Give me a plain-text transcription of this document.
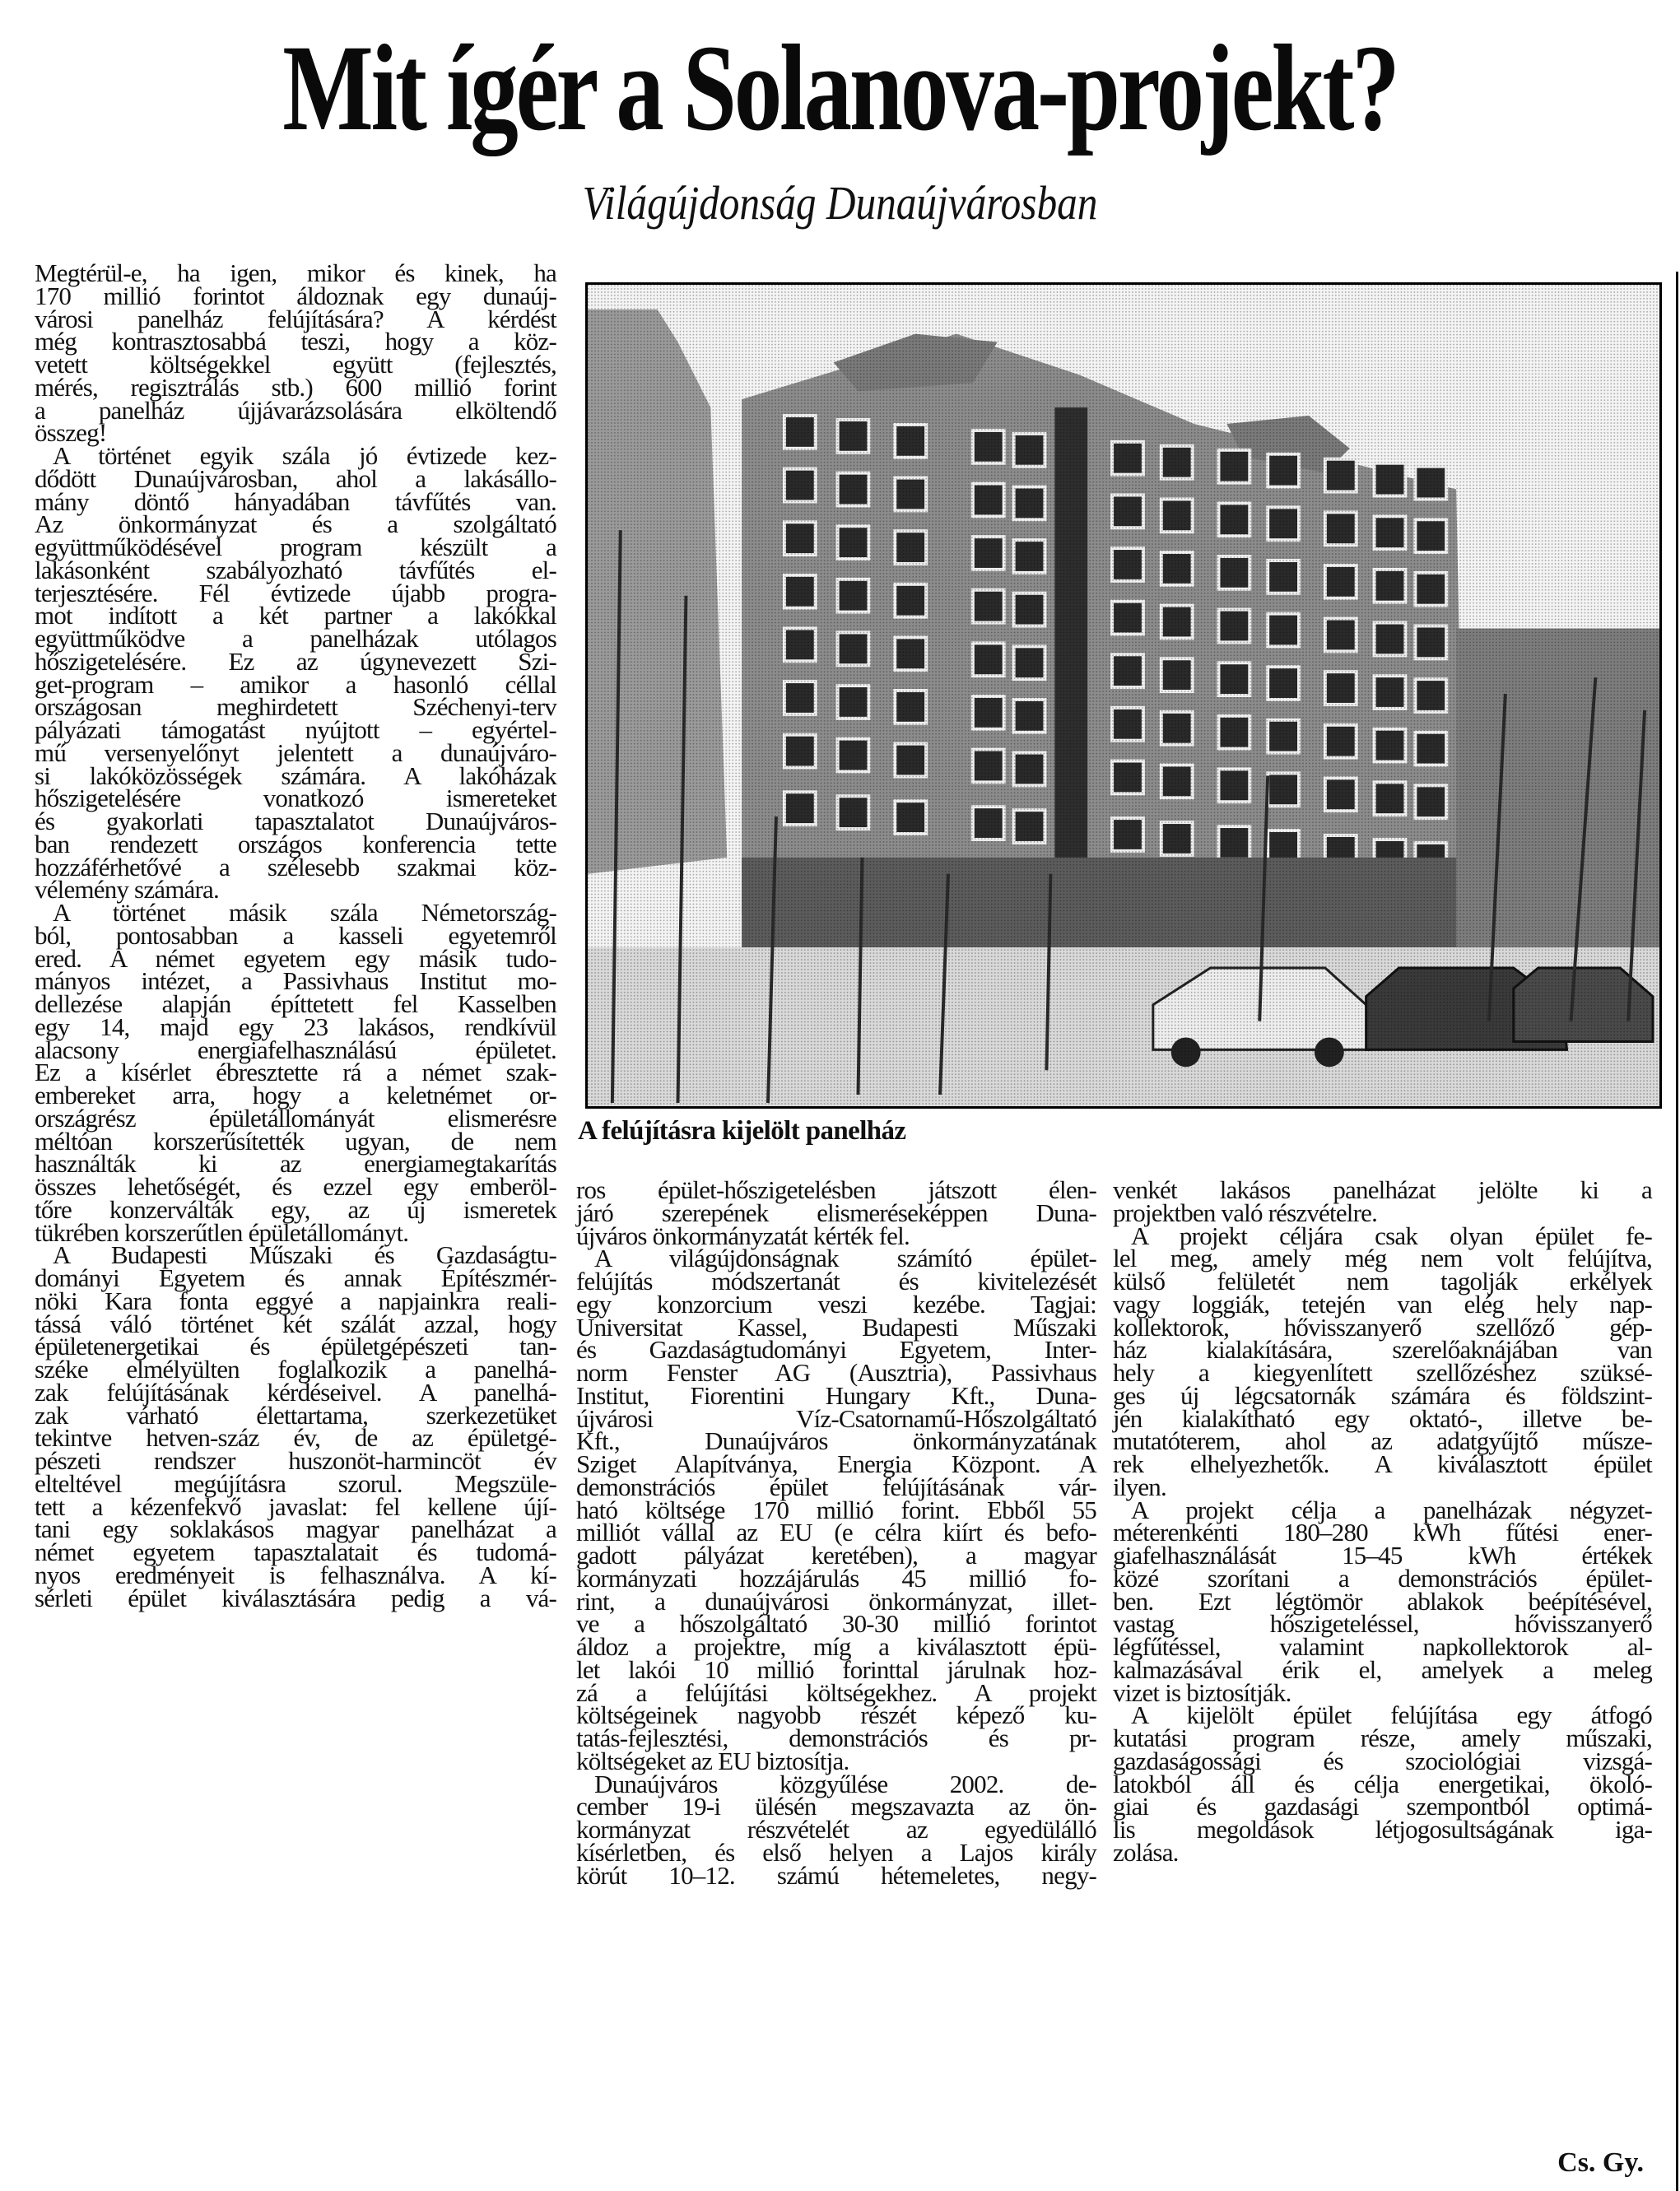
Mit ígér a Solanova-projekt?
Világújdonság Dunaújvárosban
Megtérül-e, ha igen, mikor és kinek, ha
170 millió forintot áldoznak egy dunaúj-
városi panelház felújítására? A kérdést
még kontrasztosabbá teszi, hogy a köz-
vetett költségekkel együtt (fejlesztés,
mérés, regisztrálás stb.) 600 millió forint
a panelház újjávarázsolására elköltendő
összeg!
A történet egyik szála jó évtizede kez-
dődött Dunaújvárosban, ahol a lakásállo-
mány döntő hányadában távfűtés van.
Az önkormányzat és a szolgáltató
együttműködésével program készült a
lakásonként szabályozható távfűtés el-
terjesztésére. Fél évtizede újabb progra-
mot indított a két partner a lakókkal
együttműködve a panelházak utólagos
hőszigetelésére. Ez az úgynevezett Szi-
get-program – amikor a hasonló céllal
országosan meghirdetett Széchenyi-terv
pályázati támogatást nyújtott – egyértel-
mű versenyelőnyt jelentett a dunaújváro-
si lakóközösségek számára. A lakóházak
hőszigetelésére vonatkozó ismereteket
és gyakorlati tapasztalatot Dunaújváros-
ban rendezett országos konferencia tette
hozzáférhetővé a szélesebb szakmai köz-
vélemény számára.
A történet másik szála Németország-
ból, pontosabban a kasseli egyetemről
ered. A német egyetem egy másik tudo-
mányos intézet, a Passivhaus Institut mo-
dellezése alapján építtetett fel Kasselben
egy 14, majd egy 23 lakásos, rendkívül
alacsony energiafelhasználású épületet.
Ez a kísérlet ébresztette rá a német szak-
embereket arra, hogy a keletnémet or-
országrész épületállományát elismerésre
méltóan korszerűsítették ugyan, de nem
használták ki az energiamegtakarítás
összes lehetőségét, és ezzel egy emberöl-
tőre konzerválták egy, az új ismeretek
tükrében korszerűtlen épületállományt.
A Budapesti Műszaki és Gazdaságtu-
dományi Egyetem és annak Építészmér-
nöki Kara fonta eggyé a napjainkra reali-
tássá váló történet két szálát azzal, hogy
épületenergetikai és épületgépészeti tan-
széke elmélyülten foglalkozik a panelhá-
zak felújításának kérdéseivel. A panelhá-
zak várható élettartama, szerkezetüket
tekintve hetven-száz év, de az épületgé-
pészeti rendszer huszonöt-harmincöt év
elteltével megújításra szorul. Megszüle-
tett a kézenfekvő javaslat: fel kellene újí-
tani egy soklakásos magyar panelházat a
német egyetem tapasztalatait és tudomá-
nyos eredményeit is felhasználva. A kí-
sérleti épület kiválasztására pedig a vá-
A felújításra kijelölt panelház
ros épület-hőszigetelésben játszott élen-
járó szerepének elismeréseképpen Duna-
újváros önkormányzatát kérték fel.
A világújdonságnak számító épület-
felújítás módszertanát és kivitelezését
egy konzorcium veszi kezébe. Tagjai:
Universitat Kassel, Budapesti Műszaki
és Gazdaságtudományi Egyetem, Inter-
norm Fenster AG (Ausztria), Passivhaus
Institut, Fiorentini Hungary Kft., Duna-
újvárosi Víz-Csatornamű-Hőszolgáltató
Kft., Dunaújváros önkormányzatának
Sziget Alapítványa, Energia Központ. A
demonstrációs épület felújításának vár-
ható költsége 170 millió forint. Ebből 55
milliót vállal az EU (e célra kiírt és befo-
gadott pályázat keretében), a magyar
kormányzati hozzájárulás 45 millió fo-
rint, a dunaújvárosi önkormányzat, illet-
ve a hőszolgáltató 30-30 millió forintot
áldoz a projektre, míg a kiválasztott épü-
let lakói 10 millió forinttal járulnak hoz-
zá a felújítási költségekhez. A projekt
költségeinek nagyobb részét képező ku-
tatás-fejlesztési, demonstrációs és pr-
költségeket az EU biztosítja.
Dunaújváros közgyűlése 2002. de-
cember 19-i ülésén megszavazta az ön-
kormányzat részvételét az egyedülálló
kísérletben, és első helyen a Lajos király
körút 10–12. számú hétemeletes, negy-
venkét lakásos panelházat jelölte ki a
projektben való részvételre.
A projekt céljára csak olyan épület fe-
lel meg, amely még nem volt felújítva,
külső felületét nem tagolják erkélyek
vagy loggiák, tetején van elég hely nap-
kollektorok, hővisszanyerő szellőző gép-
ház kialakítására, szerelőaknájában van
hely a kiegyenlített szellőzéshez szüksé-
ges új légcsatornák számára és földszint-
jén kialakítható egy oktató-, illetve be-
mutatóterem, ahol az adatgyűjtő műsze-
rek elhelyezhetők. A kiválasztott épület
ilyen.
A projekt célja a panelházak négyzet-
méterenkénti 180–280 kWh fűtési ener-
giafelhasználását 15–45 kWh értékek
közé szorítani a demonstrációs épület-
ben. Ezt légtömör ablakok beépítésével,
vastag hőszigeteléssel, hővisszanyerő
légfűtéssel, valamint napkollektorok al-
kalmazásával érik el, amelyek a meleg
vizet is biztosítják.
A kijelölt épület felújítása egy átfogó
kutatási program része, amely műszaki,
gazdaságossági és szociológiai vizsgá-
latokból áll és célja energetikai, ökoló-
giai és gazdasági szempontból optimá-
lis megoldások létjogosultságának iga-
zolása.
Cs. Gy.
